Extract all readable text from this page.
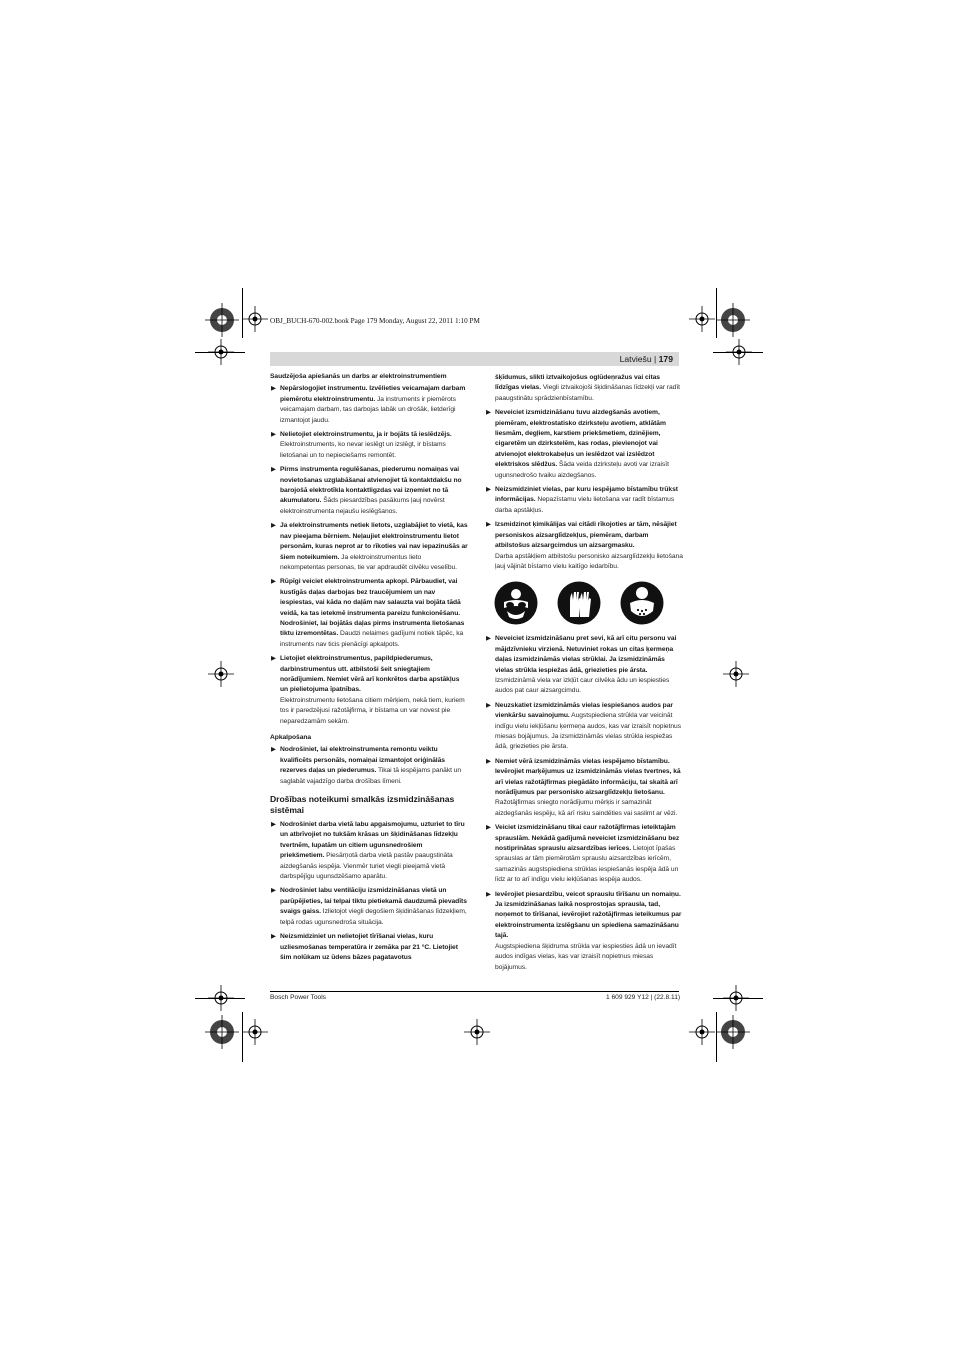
OBJ_BUCH-670-002.book Page 179 Monday, August 22, 2011 1:10 PM
Latviešu | 179
Saudzējoša apiešanās un darbs ar elektroinstrumentiem
▶ Nepārslogojiet instrumentu. Izvēlieties veicamajam darbam piemērotu elektroinstrumentu. Ja instruments ir piemērots veicamajam darbam, tas darbojas labāk un drošāk, lietderīgi izmantojot jaudu.
▶ Nelietojiet elektroinstrumentu, ja ir bojāts tā ieslēdzējs. Elektroinstruments, ko nevar ieslēgt un izslēgt, ir bīstams lietošanai un to nepieciešams remontēt.
▶ Pirms instrumenta regulēšanas, piederumu nomaiņas vai novietošanas uzglabāšanai atvienojiet tā kontaktdakšu no barojošā elektrotīkla kontaktligzdas vai izņemiet no tā akumulatoru. Šāds piesardzības pasākums ļauj novērst elektroinstrumenta nejaušu ieslēgšanos.
▶ Ja elektroinstruments netiek lietots, uzglabājiet to vietā, kas nav pieejama bērniem. Neļaujiet elektroinstrumentu lietot personām, kuras neprot ar to rīkoties vai nav iepazinušās ar šiem noteikumiem. Ja elektroinstrumentus lieto nekompetentas personas, tie var apdraudēt cilvēku veselību.
▶ Rūpīgi veiciet elektroinstrumenta apkopi. Pārbaudiet, vai kustīgās daļas darbojas bez traucējumiem un nav iespiestas, vai kāda no daļām nav salauzta vai bojāta tādā veidā, ka tas ietekmē instrumenta pareizu funkcionēšanu. Nodrošiniet, lai bojātās daļas pirms instrumenta lietošanas tiktu izremontētas. Daudzi nelaimes gadījumi notiek tāpēc, ka instruments nav ticis pienācīgi apkalpots.
▶ Lietojiet elektroinstrumentus, papildpiederumus, darbinstrumentus utt. atbilstoši šeit sniegtajiem norādījumiem. Nemiet vērā arī konkrētos darba apstākļus un pielietojuma īpatnības.
Elektroinstrumentu lietošana citiem mērķiem, nekā tiem, kuriem tos ir paredzējusi ražotājfirma, ir bīstama un var novest pie neparedzamām sekām.
Apkalpošana
▶ Nodrošiniet, lai elektroinstrumenta remontu veiktu kvalificēts personāls, nomaiņai izmantojot oriģinālās rezerves daļas un piederumus. Tikai tā iespējams panākt un saglabāt vajadzīgo darba drošības līmeni.
Drošības noteikumi smalkās izsmidzināšanas sistēmai
▶ Nodrošiniet darba vietā labu apgaismojumu, uzturiet to tīru un atbrīvojiet no tukšām krāsas un šķidināšanas līdzekļu tvertnēm, lupatām un citiem ugunsnedrošiem priekšmetiem. Piesārņotā darba vietā pastāv paaugstināta aizdegšanās iespēja. Vienmēr turiet viegli pieejamā vietā darbspējīgu ugunsdzēšamo aparātu.
▶ Nodrošiniet labu ventilāciju izsmidzināšanas vietā un parūpējieties, lai telpai tiktu pietiekamā daudzumā pievadīts svaigs gaiss. Izlietojot viegli degošiem šķidināšanas līdzekļiem, telpā rodas ugunsnedroša situācija.
▶ Neizsmidziniet un nelietojiet tīrīšanai vielas, kuru uzliesmošanas temperatūra ir zemāka par 21 °C. Lietojiet šim nolūkam uz ūdens bāzes pagatavotus
šķīdumus, slikti iztvaikojošus oglūdeņražus vai citas līdzīgas vielas. Viegli iztvaikojoši šķidināšanas līdzekļi var radīt paaugstinātu sprādzienbīstamību.
▶ Neveiciet izsmidzināšanu tuvu aizdegšanās avotiem, piemēram, elektrostatisko dzirksteļu avotiem, atklātām liesmām, degļiem, karstiem priekšmetiem, dzinējiem, cigaretēm un dzirkstelēm, kas rodas, pievienojot vai atvienojot elektrokabeļus un ieslēdzot vai izslēdzot elektriskos slēdžus. Šāda veida dzirksteļu avoti var izraisīt ugunsnedrošo tvaiku aizdegšanos.
▶ Neizsmidziniet vielas, par kuru iespējamo bīstamību trūkst informācijas. Nepazīstamu vielu lietošana var radīt bīstamus darba apstākļus.
▶ Izsmidzinot ķimikālijas vai citādi rīkojoties ar tām, nēsājiet personiskos aizsarglīdzekļus, piemēram, darbam atbilstošus aizsargcimdus un aizsargmasku.
Darba apstākļiem atbilstošu personisko aizsarglīdzekļu lietošana ļauj vājināt bīstamo vielu kaitīgo iedarbību.
▶ Neveiciet izsmidzināšanu pret sevi, kā arī citu personu vai mājdzīvnieku virzienā. Netuviniet rokas un citas ķermeņa daļas izsmidzināmās vielas strūklai. Ja izsmidzināmās vielas strūkla iespiežas ādā, griezieties pie ārsta. Izsmidzināmā viela var izkļūt caur cilvēka ādu un iespiesties audos pat caur aizsargcimdu.
▶ Neuzskatiet izsmidzināmās vielas iespiešanos audos par vienkāršu savainojumu. Augstspiediena strūkla var veicināt indīgu vielu iekļūšanu ķermeņa audos, kas var izraisīt nopietnus miesas bojājumus. Ja izsmidzināmās vielas strūkla iespiežas ādā, griezieties pie ārsta.
▶ Nemiet vērā izsmidzināmās vielas iespējamo bīstamību. Ievērojiet marķējumus uz izsmidzināmās vielas tvertnes, kā arī vielas ražotājfirmas piegādāto informāciju, tai skaitā arī norādījumus par personisko aizsarglīdzekļu lietošanu. Ražotājfirmas sniegto norādījumu mērķis ir samazināt aizdegšanās iespēju, kā arī risku saindēties vai saslimt ar vēzi.
▶ Veiciet izsmidzināšanu tikai caur ražotājfirmas ieteiktajām sprauslām. Nekādā gadījumā neveiciet izsmidzināšanu bez nostiprinātas sprauslu aizsardzības ierīces. Lietojot īpašas sprauslas ar tām piemērotām sprauslu aizsardzības ierīcēm, samazinās augstspiediena strūklas iespiešanās iespēja ādā un līdz ar to arī indīgu vielu iekļūšanas iespēja audos.
▶ Ievērojiet piesardzību, veicot sprauslu tīrīšanu un nomaiņu. Ja izsmidzināšanas laikā nosprostojas sprausla, tad, noņemot to tīrīšanai, ievērojiet ražotājfirmas ieteikumus par elektroinstrumenta izslēgšanu un spiediena samazināšanu tajā.
Augstspiediena šķidruma strūkla var iespiesties ādā un ievadīt audos indīgas vielas, kas var izraisīt nopietnus miesas bojājumus.
Bosch Power Tools	1 609 929 Y12 | (22.8.11)
